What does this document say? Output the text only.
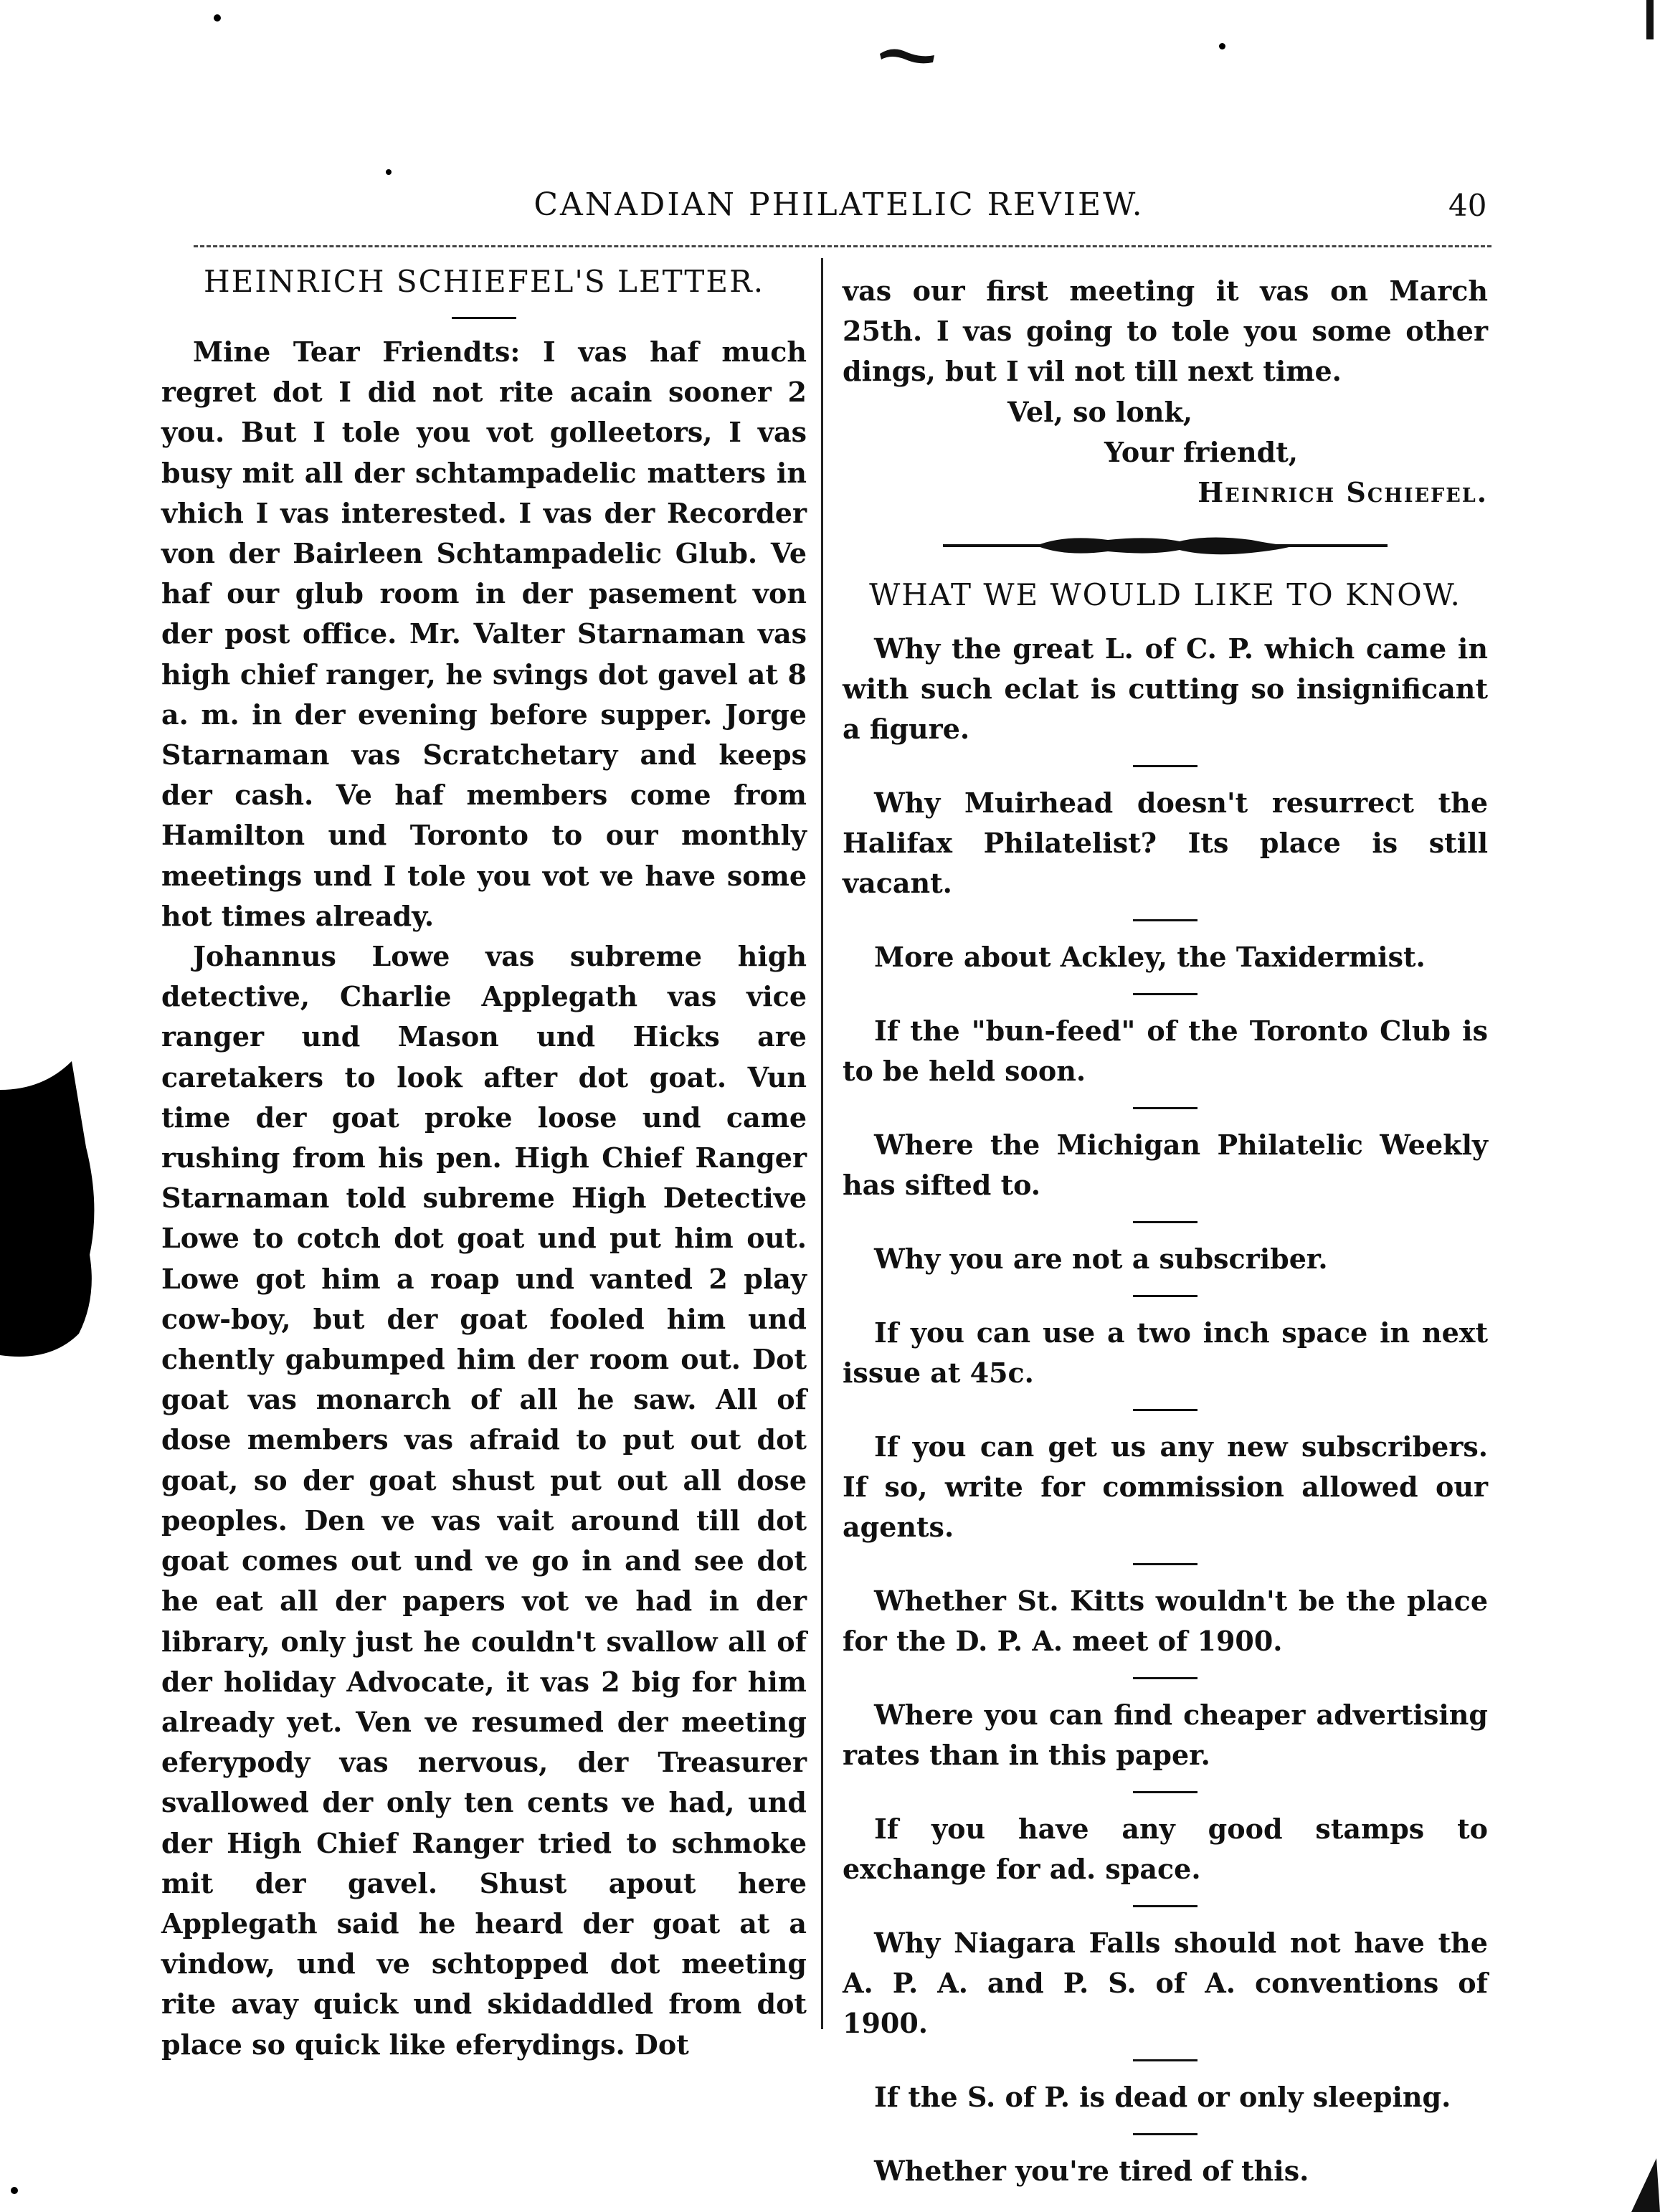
CANADIAN PHILATELIC REVIEW.	40
HEINRICH SCHIEFEL'S LETTER.

Mine Tear Friendts: I vas haf much regret dot I did not rite acain sooner 2 you. But I tole you vot golleetors, I vas busy mit all der schtampadelic matters in vhich I vas interested. I vas der Recorder von der Bairleen Schtampadelic Glub. Ve haf our glub room in der pasement von der post office. Mr. Valter Starnaman vas high chief ranger, he svings dot gavel at 8 a. m. in der evening before supper. Jorge Starnaman vas Scratchetary and keeps der cash. Ve haf members come from Hamilton und Toronto to our monthly meetings und I tole you vot ve have some hot times already.

Johannus Lowe vas subreme high detective, Charlie Applegath vas vice ranger und Mason und Hicks are caretakers to look after dot goat. Vun time der goat proke loose und came rushing from his pen. High Chief Ranger Starnaman told subreme High Detective Lowe to cotch dot goat und put him out. Lowe got him a roap und vanted 2 play cow-boy, but der goat fooled him und chently gabumped him der room out. Dot goat vas monarch of all he saw. All of dose members vas afraid to put out dot goat, so der goat shust put out all dose peoples. Den ve vas vait around till dot goat comes out und ve go in and see dot he eat all der papers vot ve had in der library, only just he couldn't svallow all of der holiday Advocate, it vas 2 big for him already yet. Ven ve resumed der meeting eferypody vas nervous, der Treasurer svallowed der only ten cents ve had, und der High Chief Ranger tried to schmoke mit der gavel. Shust apout here Applegath said he heard der goat at a vindow, und ve schtopped dot meeting rite avay quick und skidaddled from dot place so quick like eferydings. Dot

vas our first meeting it vas on March 25th. I vas going to tole you some other dings, but I vil not till next time.

Vel, so lonk,
Your friendt,
Heinrich Schiefel.
WHAT WE WOULD LIKE TO KNOW.

Why the great L. of C. P. which came in with such eclat is cutting so insignificant a figure.

Why Muirhead doesn't resurrect the Halifax Philatelist? Its place is still vacant.

More about Ackley, the Taxidermist.

If the "bun-feed" of the Toronto Club is to be held soon.

Where the Michigan Philatelic Weekly has sifted to.

Why you are not a subscriber.

If you can use a two inch space in next issue at 45c.

If you can get us any new subscribers. If so, write for commission allowed our agents.

Whether St. Kitts wouldn't be the place for the D. P. A. meet of 1900.

Where you can find cheaper advertising rates than in this paper.

If you have any good stamps to exchange for ad. space.

Why Niagara Falls should not have the A. P. A. and P. S. of A. conventions of 1900.

If the S. of P. is dead or only sleeping.

Whether you're tired of this.
